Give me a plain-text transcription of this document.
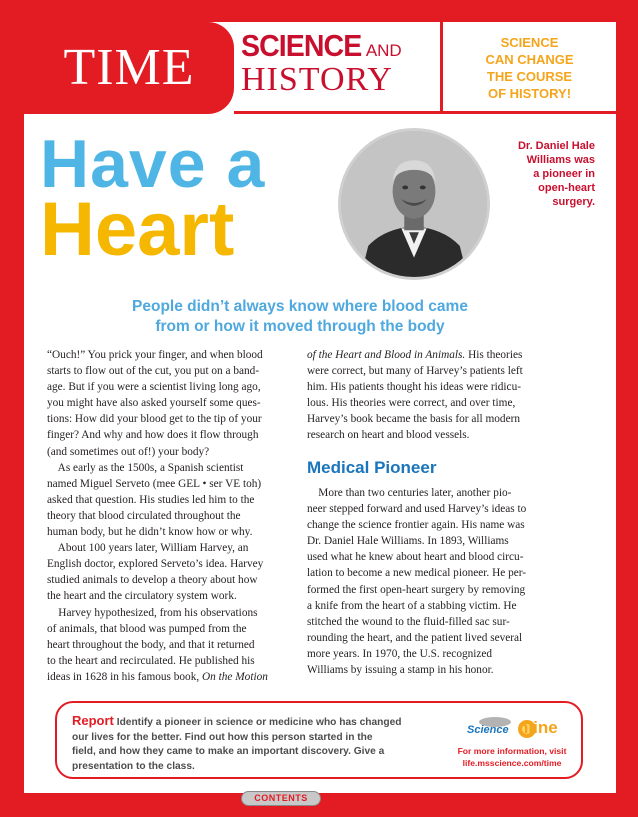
TIME SCIENCE AND
HISTORY
SCIENCE
CAN CHANGE
THE COURSE
OF HISTORY!
Have a
Heart
Dr. Daniel Hale
Williams was
a pioneer in
open-heart
surgery.
People didn’t always know where blood came
from or how it moved through the body
“Ouch!” You prick your finger, and when blood
starts to flow out of the cut, you put on a band-
age. But if you were a scientist living long ago,
you might have also asked yourself some ques-
tions: How did your blood get to the tip of your
finger? And why and how does it flow through
(and sometimes out of!) your body?
As early as the 1500s, a Spanish scientist
named Miguel Serveto (mee GEL • ser VE toh)
asked that question. His studies led him to the
theory that blood circulated throughout the
human body, but he didn’t know how or why.
About 100 years later, William Harvey, an
English doctor, explored Serveto’s idea. Harvey
studied animals to develop a theory about how
the heart and the circulatory system work.
Harvey hypothesized, from his observations
of animals, that blood was pumped from the
heart throughout the body, and that it returned
to the heart and recirculated. He published his
ideas in 1628 in his famous book, On the Motion
of the Heart and Blood in Animals. His theories
were correct, but many of Harvey’s patients left
him. His patients thought his ideas were ridicu-
lous. His theories were correct, and over time,
Harvey’s book became the basis for all modern
research on heart and blood vessels.
Medical Pioneer
More than two centuries later, another pio-
neer stepped forward and used Harvey’s ideas to
change the science frontier again. His name was
Dr. Daniel Hale Williams. In 1893, Williams
used what he knew about heart and blood circu-
lation to become a new medical pioneer. He per-
formed the first open-heart surgery by removing
a knife from the heart of a stabbing victim. He
stitched the wound to the fluid-filled sac sur-
rounding the heart, and the patient lived several
more years. In 1970, the U.S. recognized
Williams by issuing a stamp in his honor.
Report Identify a pioneer in science or medicine who has changed
our lives for the better. Find out how this person started in the
field, and how they came to make an important discovery. Give a
presentation to the class.
Science nline
For more information, visit
life.msscience.com/time
CONTENTS
